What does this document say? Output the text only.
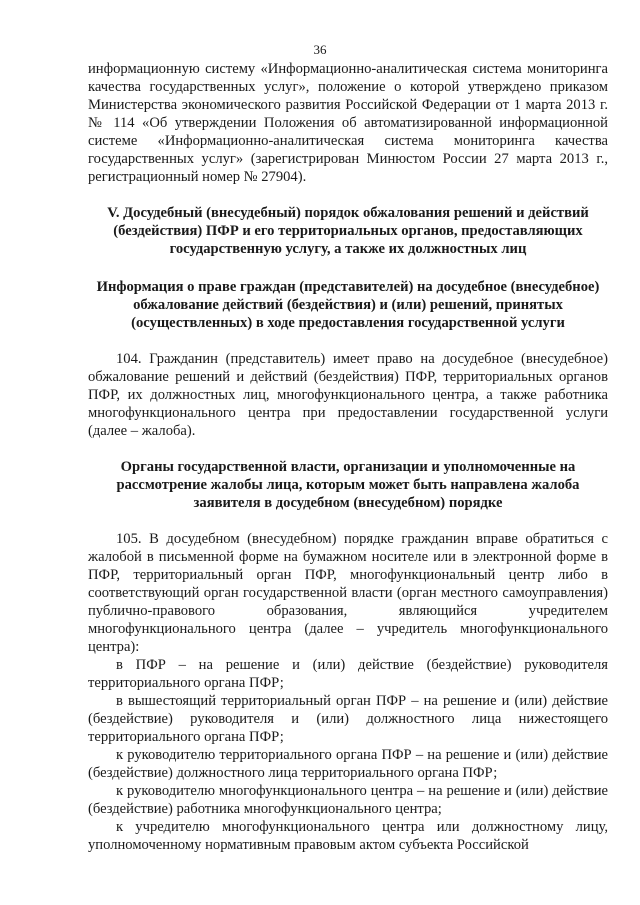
36

информационную систему «Информационно-аналитическая система мониторинга качества государственных услуг», положение о которой утверждено приказом Министерства экономического развития Российской Федерации от 1 марта 2013 г. № 114 «Об утверждении Положения об автоматизированной информационной системе «Информационно-аналитическая система мониторинга качества государственных услуг» (зарегистрирован Минюстом России 27 марта 2013 г., регистрационный номер № 27904).

V. Досудебный (внесудебный) порядок обжалования решений и действий (бездействия) ПФР и его территориальных органов, предоставляющих государственную услугу, а также их должностных лиц

Информация о праве граждан (представителей) на досудебное (внесудебное) обжалование действий (бездействия) и (или) решений, принятых (осуществленных) в ходе предоставления государственной услуги

104. Гражданин (представитель) имеет право на досудебное (внесудебное) обжалование решений и действий (бездействия) ПФР, территориальных органов ПФР, их должностных лиц, многофункционального центра, а также работника многофункционального центра при предоставлении государственной услуги (далее – жалоба).

Органы государственной власти, организации и уполномоченные на рассмотрение жалобы лица, которым может быть направлена жалоба заявителя в досудебном (внесудебном) порядке

105. В досудебном (внесудебном) порядке гражданин вправе обратиться с жалобой в письменной форме на бумажном носителе или в электронной форме в ПФР, территориальный орган ПФР, многофункциональный центр либо в соответствующий орган государственной власти (орган местного самоуправления) публично-правового образования, являющийся учредителем многофункционального центра (далее – учредитель многофункционального центра):

в ПФР – на решение и (или) действие (бездействие) руководителя территориального органа ПФР;

в вышестоящий территориальный орган ПФР – на решение и (или) действие (бездействие) руководителя и (или) должностного лица нижестоящего территориального органа ПФР;

к руководителю территориального органа ПФР – на решение и (или) действие (бездействие) должностного лица территориального органа ПФР;

к руководителю многофункционального центра – на решение и (или) действие (бездействие) работника многофункционального центра;

к учредителю многофункционального центра или должностному лицу, уполномоченному нормативным правовым актом субъекта Российской
